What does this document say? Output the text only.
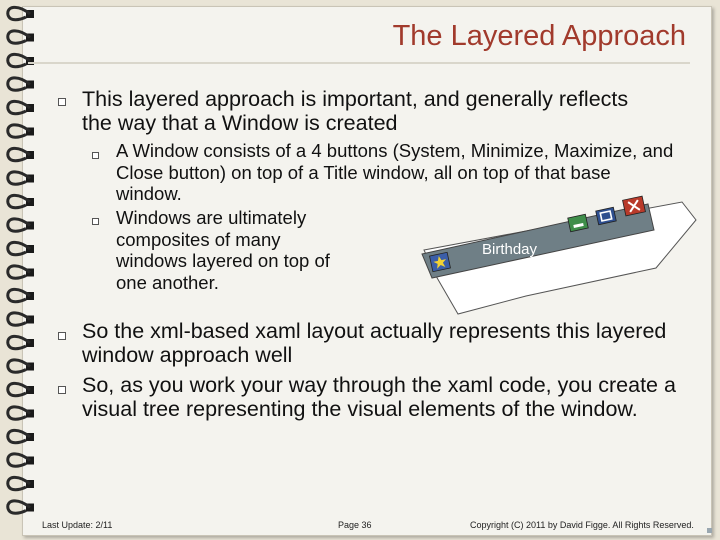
The Layered Approach
This layered approach is important, and generally reflects the way that a Window is created
A Window consists of a 4 buttons (System, Minimize, Maximize, and Close button) on top of a Title window, all on top of that base window.
Windows are ultimately composites of many windows layered on top of one another.
Birthday
So the xml-based xaml layout actually represents this layered window approach well
So, as you work your way through the xaml code, you create a visual tree representing the visual elements of the window.
Last Update: 2/11	Page 36	Copyright (C) 2011 by David Figge. All Rights Reserved.
